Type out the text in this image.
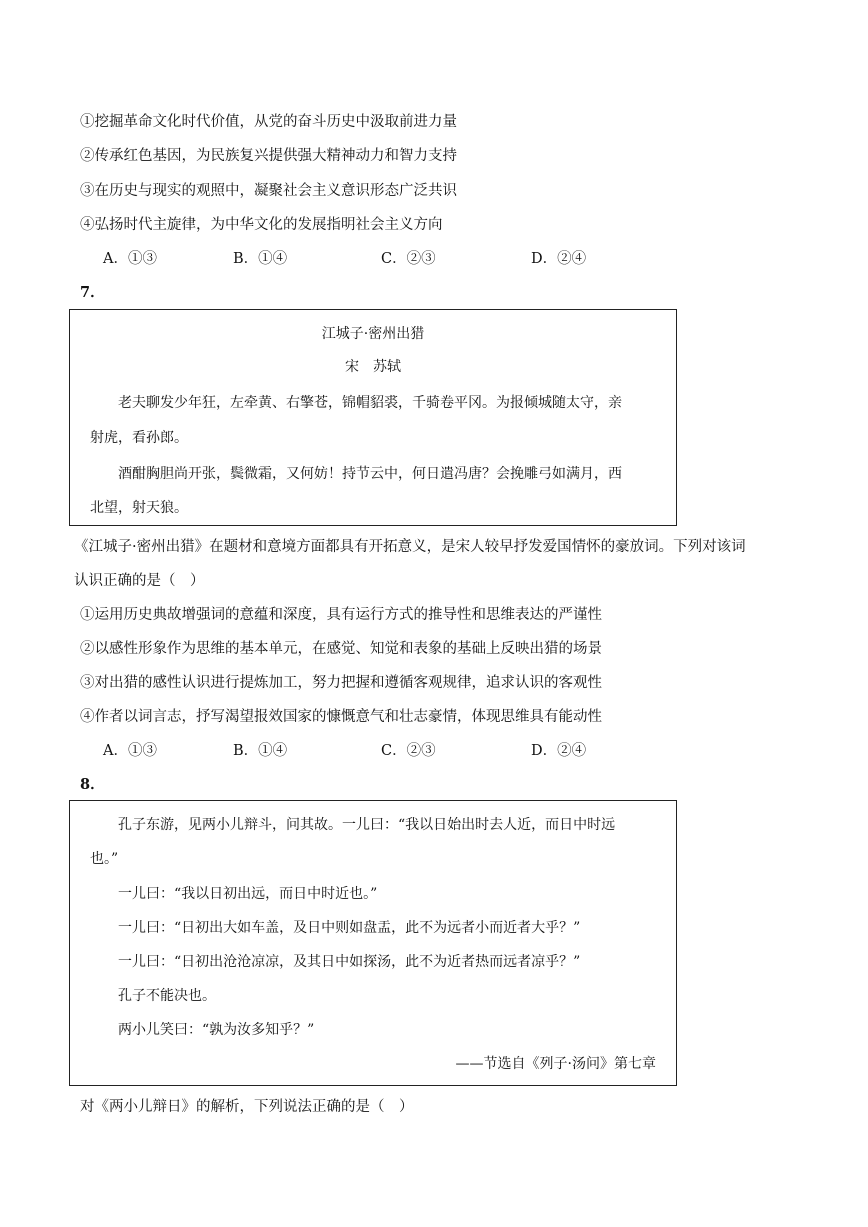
①挖掘革命文化时代价值，从党的奋斗历史中汲取前进力量
②传承红色基因，为民族复兴提供强大精神动力和智力支持
③在历史与现实的观照中，凝聚社会主义意识形态广泛共识
④弘扬时代主旋律，为中华文化的发展指明社会主义方向
A．①③	B．①④	C．②③	D．②④
7．
江城子·密州出猎
宋　苏轼
老夫聊发少年狂，左牵黄、右擎苍，锦帽貂裘，千骑卷平冈。为报倾城随太守，亲
射虎，看孙郎。
酒酣胸胆尚开张，鬓微霜，又何妨！持节云中，何日遣冯唐？会挽雕弓如满月，西
北望，射天狼。
《江城子·密州出猎》在题材和意境方面都具有开拓意义，是宋人较早抒发爱国情怀的豪放词。下列对该词
认识正确的是（　）
①运用历史典故增强词的意蕴和深度，具有运行方式的推导性和思维表达的严谨性
②以感性形象作为思维的基本单元，在感觉、知觉和表象的基础上反映出猎的场景
③对出猎的感性认识进行提炼加工，努力把握和遵循客观规律，追求认识的客观性
④作者以词言志，抒写渴望报效国家的慷慨意气和壮志豪情，体现思维具有能动性
A．①③	B．①④	C．②③	D．②④
8．
孔子东游，见两小儿辩斗，问其故。一儿曰：“我以日始出时去人近，而日中时远
也。”
一儿曰：“我以日初出远，而日中时近也。”
一儿曰：“日初出大如车盖，及日中则如盘盂，此不为远者小而近者大乎？”
一儿曰：“日初出沧沧凉凉，及其日中如探汤，此不为近者热而远者凉乎？”
孔子不能决也。
两小儿笑曰：“孰为汝多知乎？”
——节选自《列子·汤问》第七章
对《两小儿辩日》的解析，下列说法正确的是（　）
